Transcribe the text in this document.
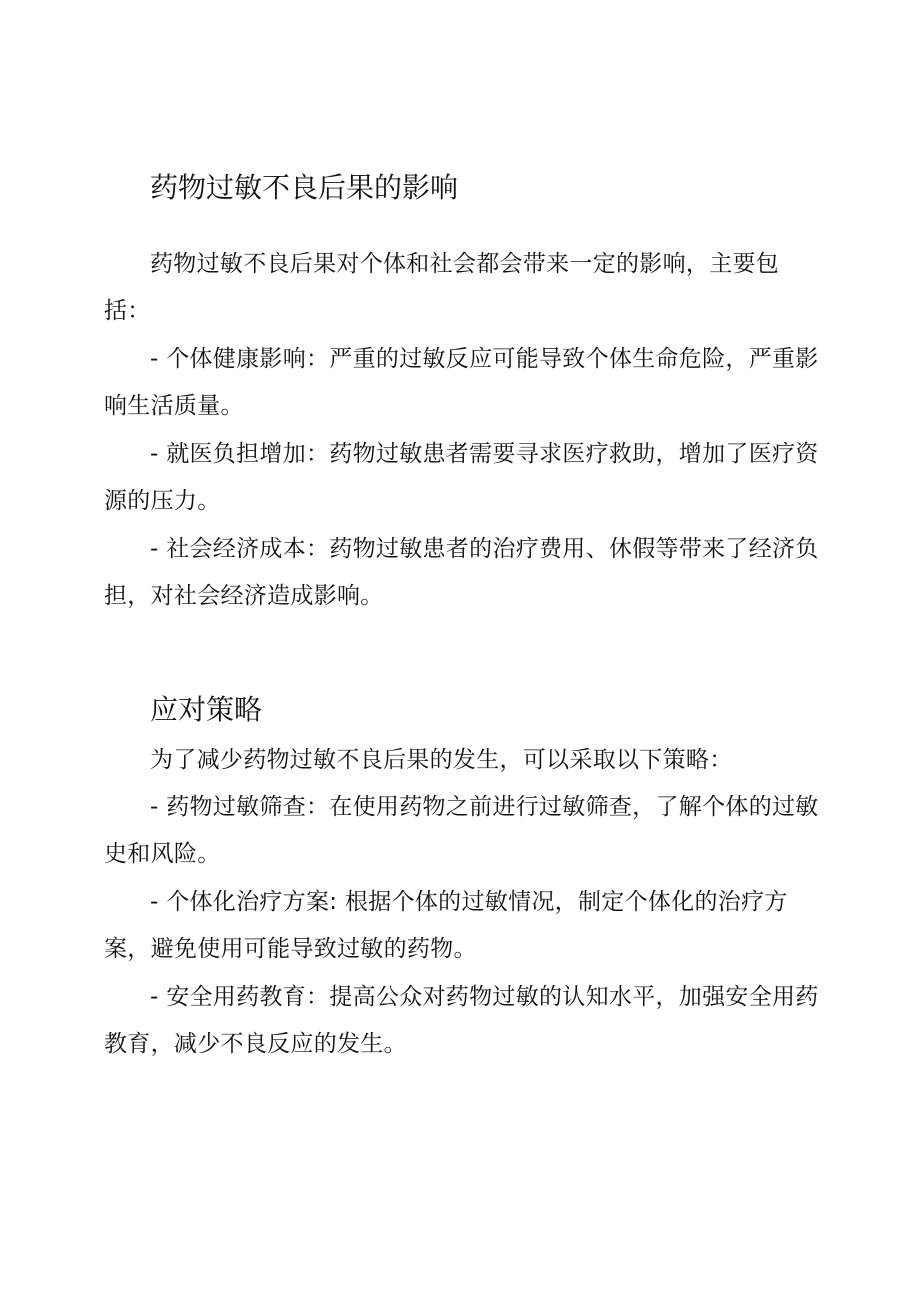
药物过敏不良后果的影响

药物过敏不良后果对个体和社会都会带来一定的影响，主要包括：

- 个体健康影响：严重的过敏反应可能导致个体生命危险，严重影响生活质量。

- 就医负担增加：药物过敏患者需要寻求医疗救助，增加了医疗资源的压力。

- 社会经济成本：药物过敏患者的治疗费用、休假等带来了经济负担，对社会经济造成影响。

应对策略

为了减少药物过敏不良后果的发生，可以采取以下策略：

- 药物过敏筛查：在使用药物之前进行过敏筛查，了解个体的过敏史和风险。

- 个体化治疗方案: 根据个体的过敏情况，制定个体化的治疗方案，避免使用可能导致过敏的药物。

- 安全用药教育：提高公众对药物过敏的认知水平，加强安全用药教育，减少不良反应的发生。
